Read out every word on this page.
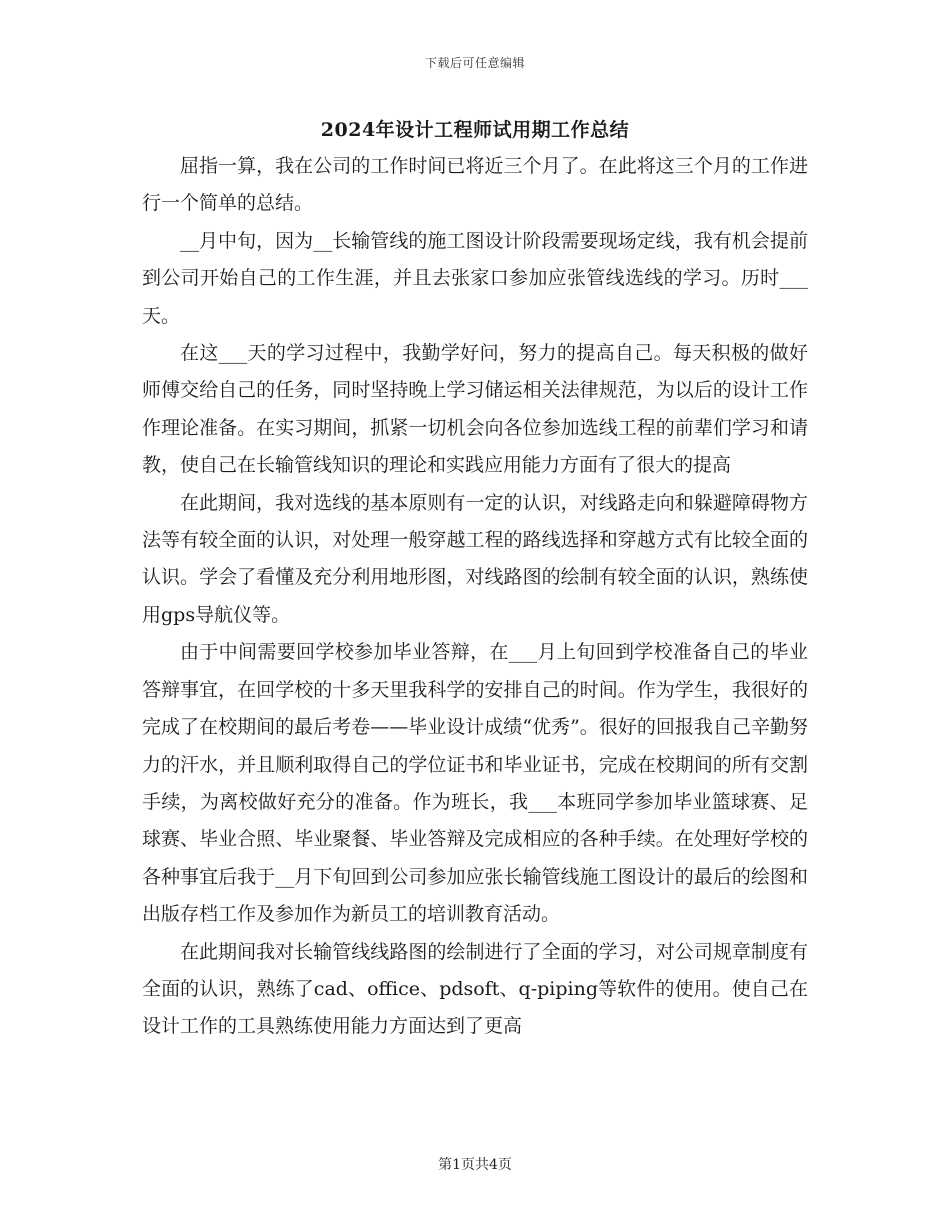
下载后可任意编辑
2024年设计工程师试用期工作总结

屈指一算，我在公司的工作时间已将近三个月了。在此将这三个月的工作进行一个简单的总结。

__月中旬，因为__长输管线的施工图设计阶段需要现场定线，我有机会提前到公司开始自己的工作生涯，并且去张家口参加应张管线选线的学习。历时___天。

在这___天的学习过程中，我勤学好问，努力的提高自己。每天积极的做好师傅交给自己的任务，同时坚持晚上学习储运相关法律规范，为以后的设计工作作理论准备。在实习期间，抓紧一切机会向各位参加选线工程的前辈们学习和请教，使自己在长输管线知识的理论和实践应用能力方面有了很大的提高

在此期间，我对选线的基本原则有一定的认识，对线路走向和躲避障碍物方法等有较全面的认识，对处理一般穿越工程的路线选择和穿越方式有比较全面的认识。学会了看懂及充分利用地形图，对线路图的绘制有较全面的认识，熟练使用gps导航仪等。

由于中间需要回学校参加毕业答辩，在___月上旬回到学校准备自己的毕业答辩事宜，在回学校的十多天里我科学的安排自己的时间。作为学生，我很好的完成了在校期间的最后考卷——毕业设计成绩“优秀”。很好的回报我自己辛勤努力的汗水，并且顺利取得自己的学位证书和毕业证书，完成在校期间的所有交割手续，为离校做好充分的准备。作为班长，我___本班同学参加毕业篮球赛、足球赛、毕业合照、毕业聚餐、毕业答辩及完成相应的各种手续。在处理好学校的各种事宜后我于__月下旬回到公司参加应张长输管线施工图设计的最后的绘图和出版存档工作及参加作为新员工的培训教育活动。

在此期间我对长输管线线路图的绘制进行了全面的学习，对公司规章制度有全面的认识，熟练了cad、office、pdsoft、q-piping等软件的使用。使自己在设计工作的工具熟练使用能力方面达到了更高

第1页共4页
